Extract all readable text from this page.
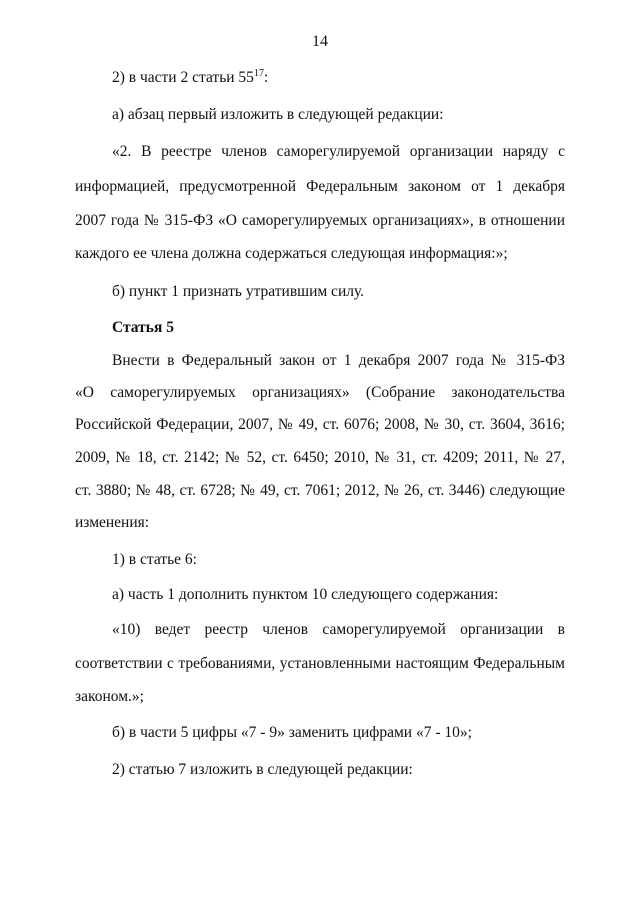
14
2) в части 2 статьи $55^{17}$:
а) абзац первый изложить в следующей редакции:
«2. В реестре членов саморегулируемой организации наряду с
информацией, предусмотренной Федеральным законом от 1 декабря
2007 года № 315-ФЗ «О саморегулируемых организациях», в отношении
каждого ее члена должна содержаться следующая информация:»;
б) пункт 1 признать утратившим силу.
Статья 5
Внести в Федеральный закон от 1 декабря 2007 года № 315-ФЗ
«О саморегулируемых организациях» (Собрание законодательства
Российской Федерации, 2007, № 49, ст. 6076; 2008, № 30, ст. 3604, 3616;
2009, № 18, ст. 2142; № 52, ст. 6450; 2010, № 31, ст. 4209; 2011, № 27,
ст. 3880; № 48, ст. 6728; № 49, ст. 7061; 2012, № 26, ст. 3446) следующие
изменения:
1) в статье 6:
а) часть 1 дополнить пунктом 10 следующего содержания:
«10) ведет реестр членов саморегулируемой организации в
соответствии с требованиями, установленными настоящим Федеральным
законом.»;
б) в части 5 цифры «7 - 9» заменить цифрами «7 - 10»;
2) статью 7 изложить в следующей редакции:
